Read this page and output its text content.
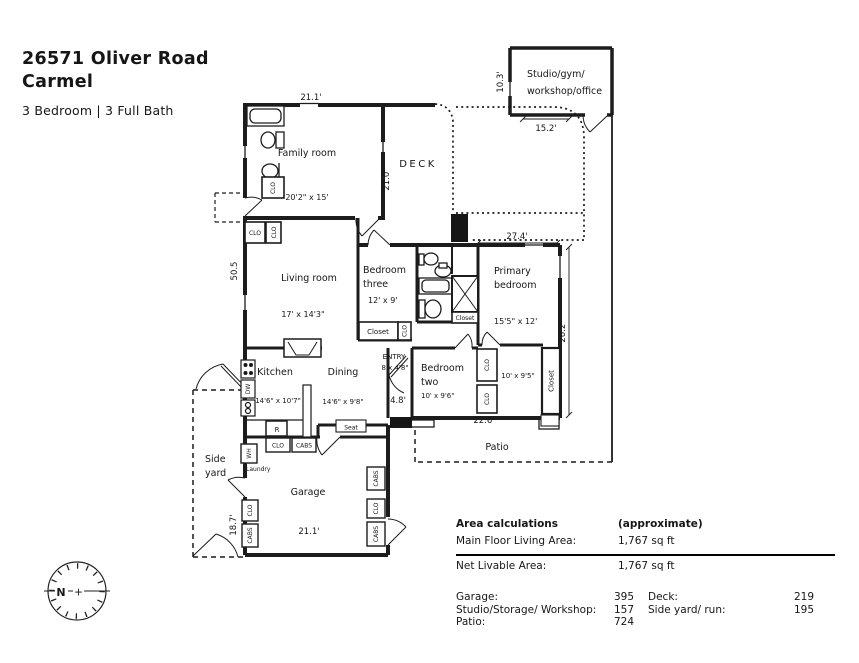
Studio/gym/
workshop/office
DECK
Family room
20'2" x 15'
Living room
17' x 14'3"
Bedroom
three
12' x 9'
Primary
bedroom
15'5" x 12'
Bedroom
two
10' x 9'6"
10' x 9'5"
ENTRY
8 x 4'8"
Kitchen
14'6" x 10'7"
Dining
14'6" x 9'8"
Garage
Patio
Side
yard
21.1'
21.0'
50.5
27.4'
26.2'
22.6'
4.8'
21.1'
18.7'
15.2'
10.3'
CLO
CLO CLO
Closet CLO
Closet
CLO
CLO
Closet
DW
R	Seat
WH
Laundry
CLO CABS
CLO
CABS
CABS
CLO
CABS
N +
26571 Oliver Road
Carmel
3 Bedroom | 3 Full Bath
Area calculations	(approximate)
Main Floor Living Area:	1,767 sq ft
Net Livable Area:	1,767 sq ft
Garage:	395
Studio/Storage/ Workshop:	157
Patio:	724
Deck:	219
Side yard/ run:	195
